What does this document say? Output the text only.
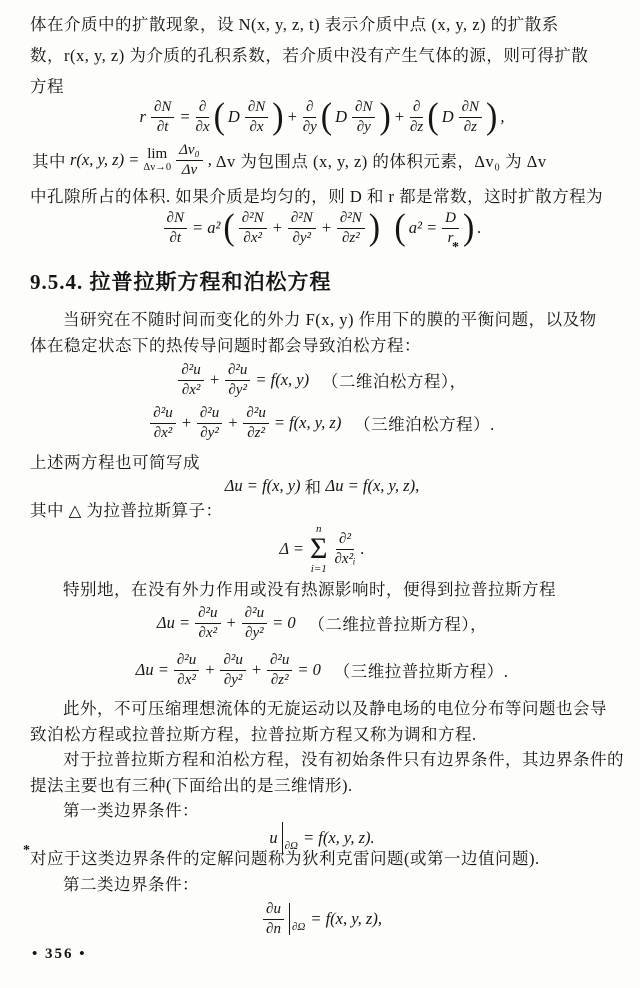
体在介质中的扩散现象，设 N(x, y, z, t) 表示介质中点 (x, y, z) 的扩散系
数，r(x, y, z) 为介质的孔积系数，若介质中没有产生气体的源，则可得扩散
方程
r $\frac{\partial N}{\partial t} = \frac{\partial}{\partial x}$ ( D $\frac{\partial N}{\partial x}$ ) + $\frac{\partial}{\partial y}$ ( D $\frac{\partial N}{\partial y}$ ) + $\frac{\partial}{\partial z}$ ( D $\frac{\partial N}{\partial z}$ ) ,
其中 r(x, y, z) = lim
$\Delta v\to 0 \frac{\text{Δv₀}}{\Delta v}$ , Δv 为包围点 (x, y, z) 的体积元素，Δv₀ 为 Δv
中孔隙所占的体积. 如果介质是均匀的，则 D 和 r 都是常数，这时扩散方程为
$\frac{\partial N}{\partial t} = a^2$ ( $\frac{\text{∂²N}}{\text{∂x²}} + \frac{\text{∂²N}}{\text{∂y²}} + \frac{\text{∂²N}}{\text{∂z²}}$ )
  ( $a^2 = \frac{D}{r}$ ) .
*
9.5.4. 拉普拉斯方程和泊松方程
当研究在不随时间而变化的外力 F(x, y) 作用下的膜的平衡问题，以及物
体在稳定状态下的热传导问题时都会导致泊松方程：
$\frac{\text{∂²u}}{\text{∂x²}} + \frac{\text{∂²u}}{\text{∂y²}} = f(x$, y) 　（二维泊松方程），
$\frac{\text{∂²u}}{\text{∂x²}} + \frac{\text{∂²u}}{\text{∂y²}} + \frac{\text{∂²u}}{\text{∂z²}} = f(x$, y, z) 　（三维泊松方程）.
上述两方程也可简写成
Δu = f(x, y) 和 Δu = f(x, y, z),
其中 △ 为拉普拉斯算子：
Δ =
n
Σ
i=1
$\frac{\text{∂²}}{\text{∂x²ᵢ}}$ .
特别地，在没有外力作用或没有热源影响时，便得到拉普拉斯方程
$\Delta u = \frac{\text{∂²u}}{\text{∂x²}} + \frac{\text{∂²u}}{\text{∂y²}} = 0$ 　（二维拉普拉斯方程），
$\Delta u = \frac{\text{∂²u}}{\text{∂x²}} + \frac{\text{∂²u}}{\text{∂y²}} + \frac{\text{∂²u}}{\text{∂z²}} = 0$ 　（三维拉普拉斯方程）.
此外，不可压缩理想流体的无旋运动以及静电场的电位分布等问题也会导
致泊松方程或拉普拉斯方程，拉普拉斯方程又称为调和方程.
对于拉普拉斯方程和泊松方程，没有初始条件只有边界条件，其边界条件的
提法主要也有三种(下面给出的是三维情形).
第一类边界条件：
u ∂Ω = f(x, y, z).
* 对应于这类边界条件的定解问题称为狄利克雷问题(或第一边值问题).
第二类边界条件：
$\frac{\partial u}{\partial n} \partial\Omega = f(x$, y, z),
• 356 •
